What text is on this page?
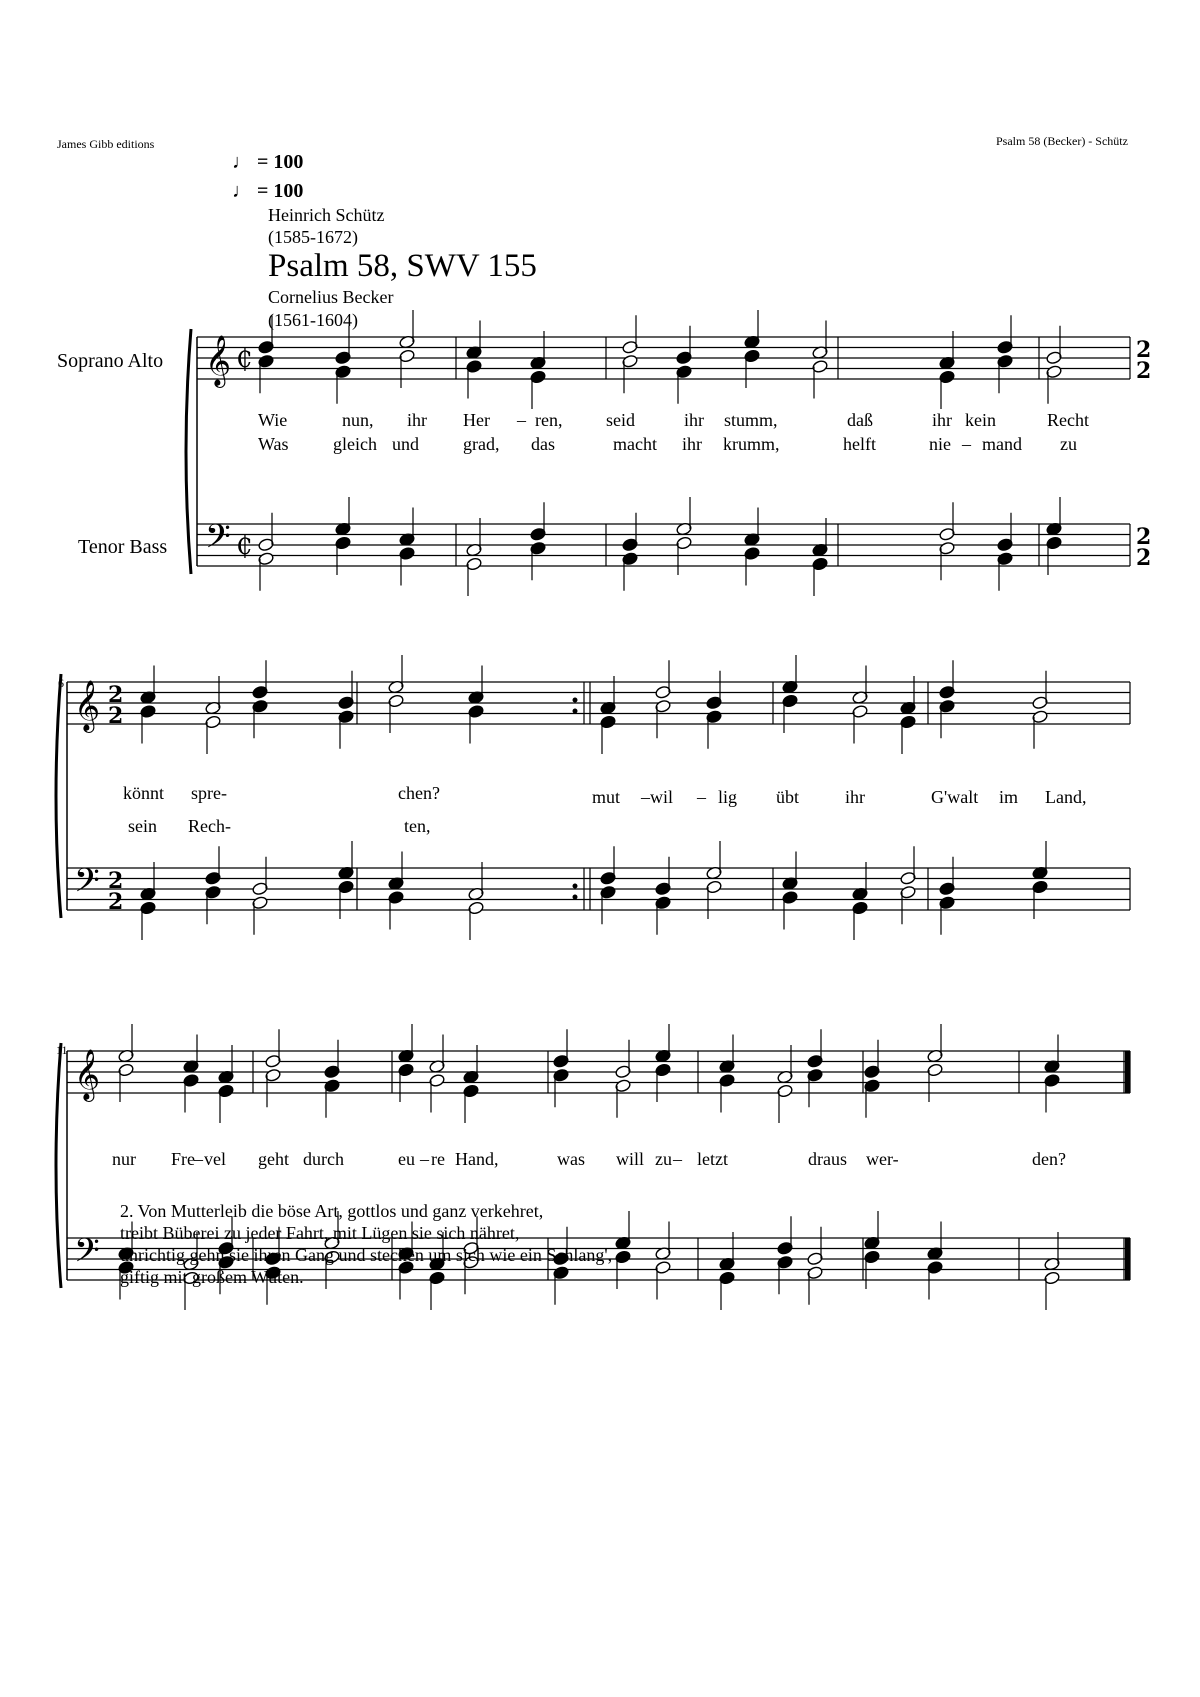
James Gibb editions	Psalm 58 (Becker) - Schütz
♩ = 100
♩ = 100
Heinrich Schütz
(1585-1672)
Psalm 58, SWV 155
Cornelius Becker
(1561-1604)
Soprano Alto
Tenor Bass
6
11
𝄞
𝄢
𝄞
𝄢
𝄞
𝄢
2
2
2
2
2
2
2
2
₵
₵
Wie	nun, ihr Her – ren, seid	ihr stumm,	daß	ihr kein	Recht
Was gleich und grad, das	macht ihr krumm,	helft	nie – mand zu
könnt spre-	chen?
sein Rech-	ten,
mut – wil – lig übt	ihr	G'walt im Land,
nur Fre – vel geht durch	eu – re Hand,	was will zu – letzt	draus wer-	den?
2. Von Mutterleib die böse Art, gottlos und ganz verkehret,
treibt Büberei zu jeder Fahrt, mit Lügen sie sich nähret,
unrichtig gehn sie ihren Gang und stechen um sich wie ein Schlang',
giftig mit großem Wüten.
